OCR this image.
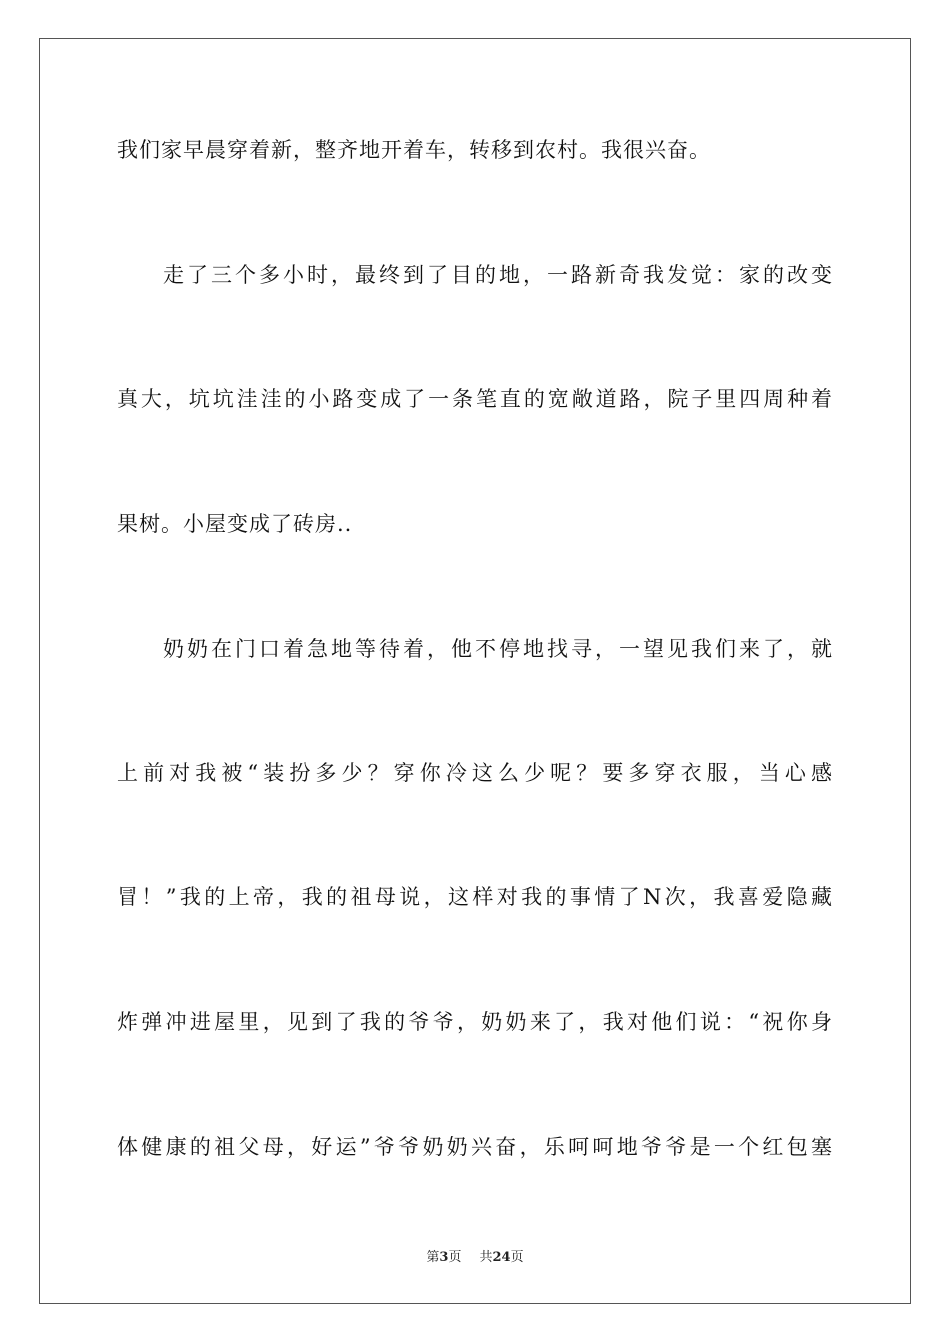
我们家早晨穿着新，整齐地开着车，转移到农村。我很兴奋。

走了三个多小时，最终到了目的地，一路新奇我发觉：家的改变

真大，坑坑洼洼的小路变成了一条笔直的宽敞道路，院子里四周种着

果树。小屋变成了砖房..

奶奶在门口着急地等待着，他不停地找寻，一望见我们来了，就

上前对我被“装扮多少？穿你冷这么少呢？要多穿衣服，当心感

冒！”我的上帝，我的祖母说，这样对我的事情了N次，我喜爱隐藏

炸弹冲进屋里，见到了我的爷爷，奶奶来了，我对他们说：“祝你身

体健康的祖父母，好运”爷爷奶奶兴奋，乐呵呵地爷爷是一个红包塞

第3页 共24页
